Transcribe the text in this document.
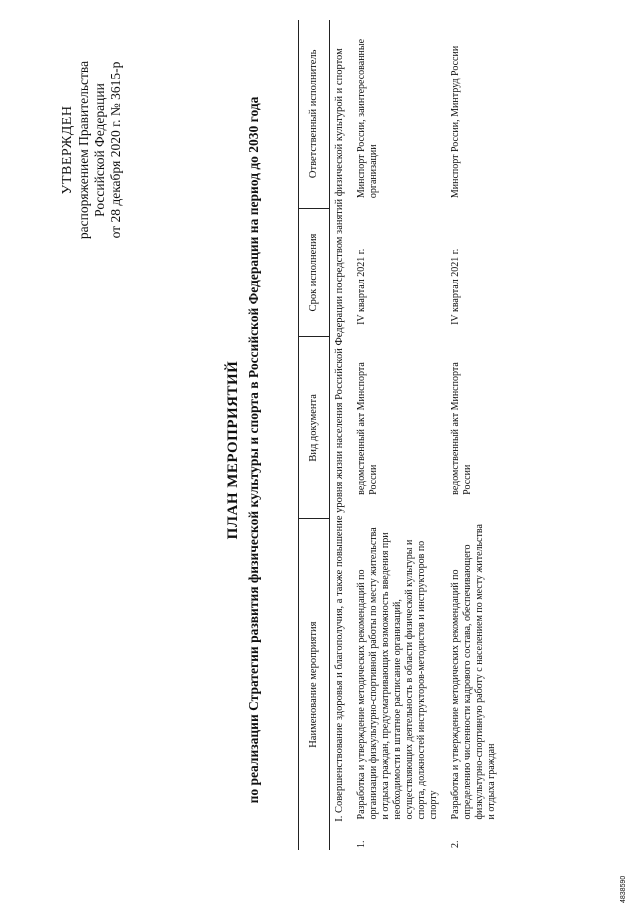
УТВЕРЖДЕН распоряжением Правительства Российской Федерации от 28 декабря 2020 г. № 3615-р
ПЛАН МЕРОПРИЯТИЙ по реализации Стратегии развития физической культуры и спорта в Российской Федерации на период до 2030 года	Наименование мероприятия		Вид документа	Срок исполнения	Ответственный исполнитель
I. Совершенствование здоровья и благополучия, а также повышение уровня жизни населения Российской Федерации посредством занятий физической культурой и спортом				
1.	Разработка и утверждение методических рекомендаций по организации физкультурно-спортивной работы по месту жительства и отдыха граждан, предусматривающих возможность введения при необходимости в штатное расписание организаций, осуществляющих деятельность в области физической культуры и спорта, должностей инструкторов-методистов и инструкторов по спорту	ведомственный акт Минспорта России	IV квартал 2021 г.	Минспорт России, заинтересованные организации
2.	Разработка и утверждение методических рекомендаций по определению численности кадрового состава, обеспечивающего физкультурно-спортивную работу с населением по месту жительства и отдыха граждан	ведомственный акт Минспорта России	IV квартал 2021 г.	Минспорт России, Минтруд России
4838590
